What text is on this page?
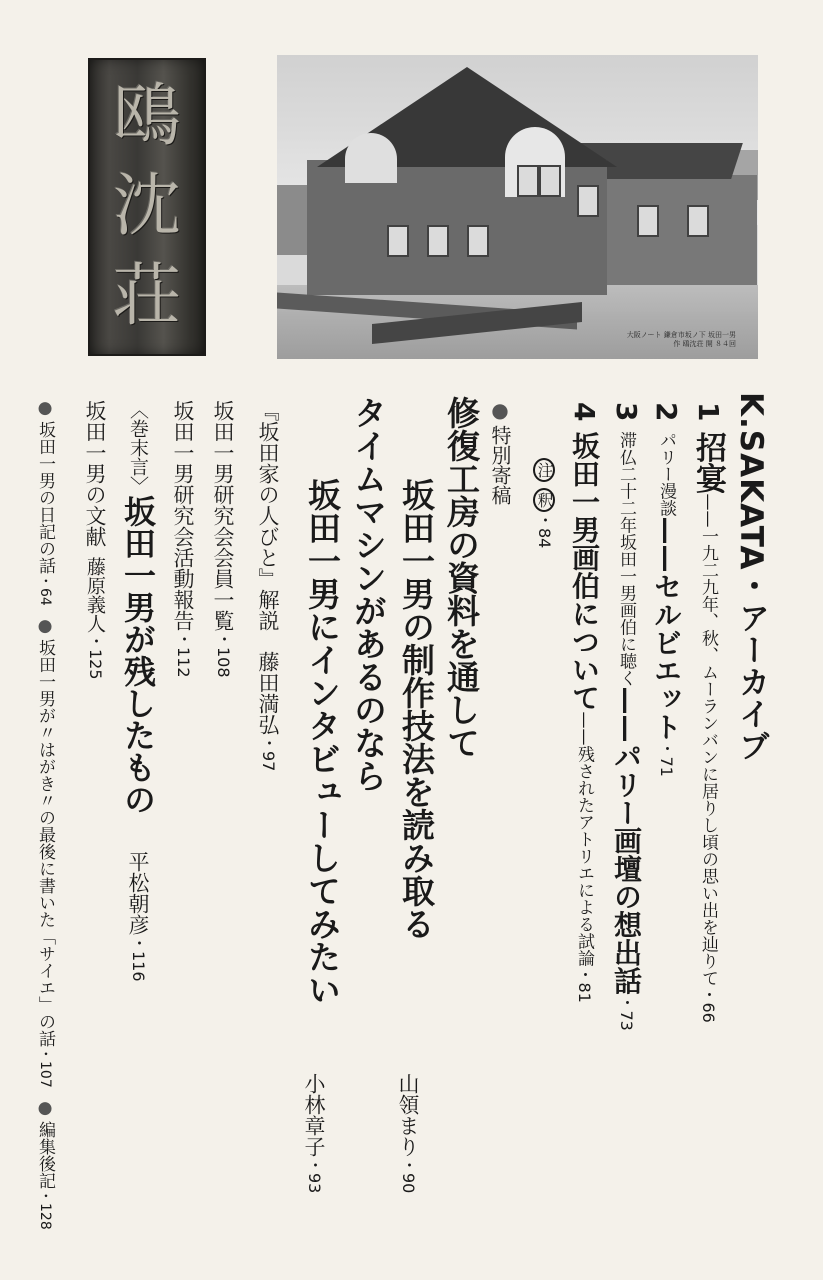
鴎
沈
荘	大阪ノート 鎌倉市坂ノ下 坂田一男作 鴎沈荘 開 ８４回
K.SAKATA・アーカイブ
1招宴——一九二九年、秋、ムーランバンに居りし頃の思い出を辿りて・66
2パリー漫談——セルビエット・71
3滞仏二十二年坂田一男画伯に聴く——パリー画壇の想出話・73
4坂田一男画伯について——残されたアトリエによる試論・81
注釈・84
● 特別寄稿
修復工房の資料を通して
坂田一男の制作技法を読み取る
山領まり・90
タイムマシンがあるのなら
坂田一男にインタビューしてみたい
小林章子・93
『坂田家の人びと』解説藤田満弘・97
坂田一男研究会会員一覧・108
坂田一男研究会活動報告・112
〈巻末言〉坂田一男が残したもの平松朝彦・116
坂田一男の文献藤原義人・125
● 坂田一男の日記の話・64● 坂田一男が〃はがき〃の最後に書いた「サイエ」の話・107● 編集後記・128
